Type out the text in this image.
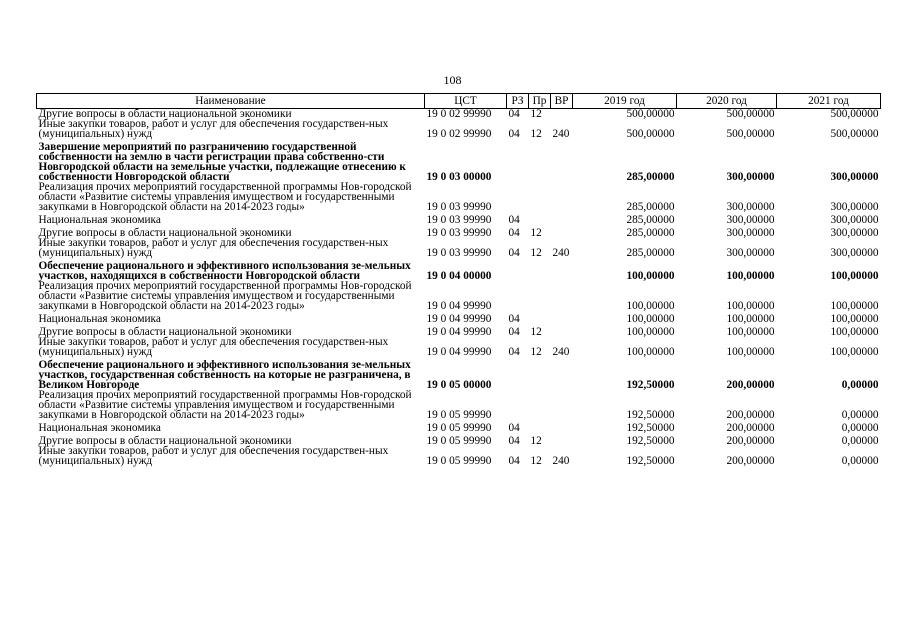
108
Наименование	ЦСТ	РЗ	Пр	ВР	2019 год	2020 год	2021 год
Другие вопросы в области национальной экономики	19 0 02 99990	04	12		500,00000	500,00000	500,00000
Иные закупки товаров, работ и услуг для обеспечения государствен-ных (муниципальных) нужд	19 0 02 99990	04	12	240	500,00000	500,00000	500,00000
Завершение мероприятий по разграничению государственной собственности на землю в части регистрации права собственно-сти Новгородской области на земельные участки, подлежащие отнесению к собственности Новгородской области	19 0 03 00000				285,00000	300,00000	300,00000
Реализация прочих мероприятий государственной программы Нов-городской области «Развитие системы управления имуществом и государственными закупками в Новгородской области на 2014-2023 годы»	19 0 03 99990				285,00000	300,00000	300,00000
Национальная экономика	19 0 03 99990	04			285,00000	300,00000	300,00000
Другие вопросы в области национальной экономики	19 0 03 99990	04	12		285,00000	300,00000	300,00000
Иные закупки товаров, работ и услуг для обеспечения государствен-ных (муниципальных) нужд	19 0 03 99990	04	12	240	285,00000	300,00000	300,00000
Обеспечение рационального и эффективного использования зе-мельных участков, находящихся в собственности Новгородской области	19 0 04 00000				100,00000	100,00000	100,00000
Реализация прочих мероприятий государственной программы Нов-городской области «Развитие системы управления имуществом и государственными закупками в Новгородской области на 2014-2023 годы»	19 0 04 99990				100,00000	100,00000	100,00000
Национальная экономика	19 0 04 99990	04			100,00000	100,00000	100,00000
Другие вопросы в области национальной экономики	19 0 04 99990	04	12		100,00000	100,00000	100,00000
Иные закупки товаров, работ и услуг для обеспечения государствен-ных (муниципальных) нужд	19 0 04 99990	04	12	240	100,00000	100,00000	100,00000
Обеспечение рационального и эффективного использования зе-мельных участков, государственная собственность на которые не разграничена, в Великом Новгороде	19 0 05 00000				192,50000	200,00000	0,00000
Реализация прочих мероприятий государственной программы Нов-городской области «Развитие системы управления имуществом и государственными закупками в Новгородской области на 2014-2023 годы»	19 0 05 99990				192,50000	200,00000	0,00000
Национальная экономика	19 0 05 99990	04			192,50000	200,00000	0,00000
Другие вопросы в области национальной экономики	19 0 05 99990	04	12		192,50000	200,00000	0,00000
Иные закупки товаров, работ и услуг для обеспечения государствен-ных (муниципальных) нужд	19 0 05 99990	04	12	240	192,50000	200,00000	0,00000
